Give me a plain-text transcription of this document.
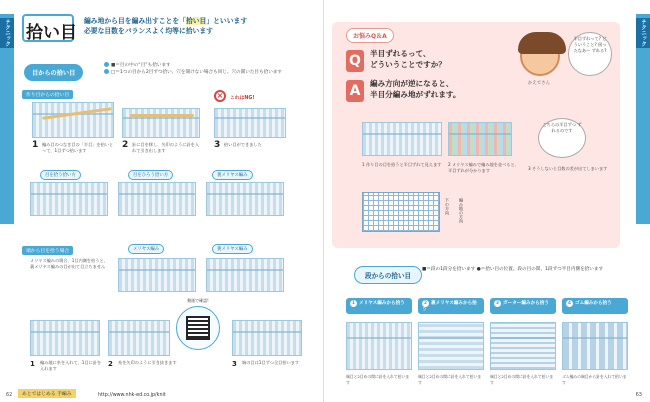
テクニック
拾い目
編み地から目を編み出すことを「拾い目」といいます
必要な目数をバランスよく均等に拾います
目からの拾い目
■＝目の中の“目”も拾います
□＝1つの目から2目ずつ拾い、穴を開けない場合も同じ。穴の開いた目も拾います
作り目からの拾い目
1 編み目のつなぎ目の「半目」を拾いとって、1目ずつ拾います
2 針に目を移し、矢印のように針を入れて引き出します
×	これはNG!
3 拾い目ができました
目を拾う拾い方	目をひろう拾い方	裏メリヤス編み
端から目を拾う場合	メリヤス編み	裏メリヤス編み
メリヤス編みの場合、1目内側を拾うと、裏メリヤス編みの目が出て目立ちません
動画で確認!
1 編み地に糸を入れて、1目に針を入れます
2 糸を矢印のように引き抜きます	3 端の目は1目ずつ全目拾います
あとではじめる 手編み	http://www.nhk-ed.co.jp/knit
62
テクニックガイド
●拾い目 ●段からの拾い目
お悩みQ＆A
Q	半目ずれるって、
どういうことですか？
A	編み方向が逆になると、
半目分編み地がずれます。
半目ずれって? どういうこと? 困ったなあ〜 ずれる?
かえでさん
こちらの半目ずつ ずれるのです
1 作り目の目を拾うと半目ずれて見えます 2 メリヤス編みで編み地を並べると、半目ずれが分かります	3 そうしないと目数の差が出てしまいます
下の方向 編み地の方向
段からの拾い目
■＝段の1段分を拾います ●＝拾い目の位置、段の目の間、1段ずつ半目内側を拾います
1 メリヤス編みから拾う	2 裏メリヤス編みから拾う
3 ガーター編みから拾う	4 ゴム編みから拾う
端目と2目めの間に針を入れて拾います
端目と2目めの間に針を入れて拾います
端目と2目めの間に針を入れて拾います
ゴム編みの端目から針を入れて拾います
63
